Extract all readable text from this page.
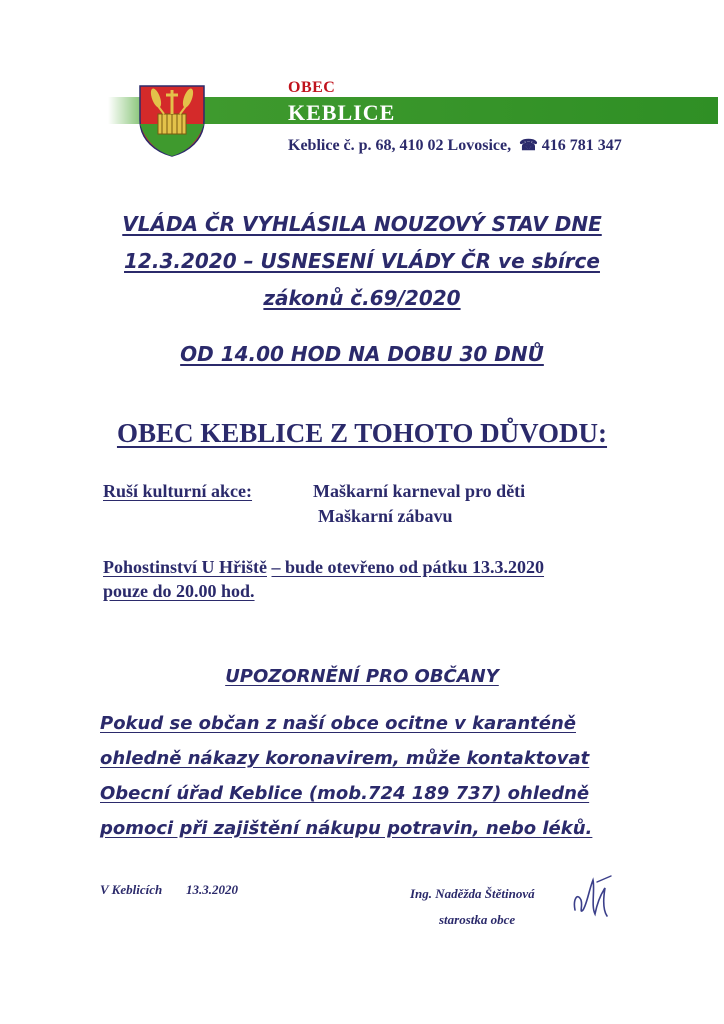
OBEC
KEBLICE
Keblice č. p. 68, 410 02 Lovosice, ☎ 416 781 347
VLÁDA ČR VYHLÁSILA NOUZOVÝ STAV DNE
12.3.2020 – USNESENÍ VLÁDY ČR ve sbírce
zákonů č.69/2020
OD 14.00 HOD NA DOBU 30 DNŮ
OBEC KEBLICE Z TOHOTO DŮVODU:
Ruší kulturní akce:	Maškarní karneval pro děti
Maškarní zábavu
Pohostinství U Hřiště – bude otevřeno od pátku 13.3.2020
pouze do 20.00 hod.
UPOZORNĚNÍ PRO OBČANY
Pokud se občan z naší obce ocitne v karanténě
ohledně nákazy koronavirem, může kontaktovat
Obecní úřad Keblice (mob.724 189 737) ohledně
pomoci při zajištění nákupu potravin, nebo léků.
V Keblicích 13.3.2020	Ing. Naděžda Štětinová
starostka obce
